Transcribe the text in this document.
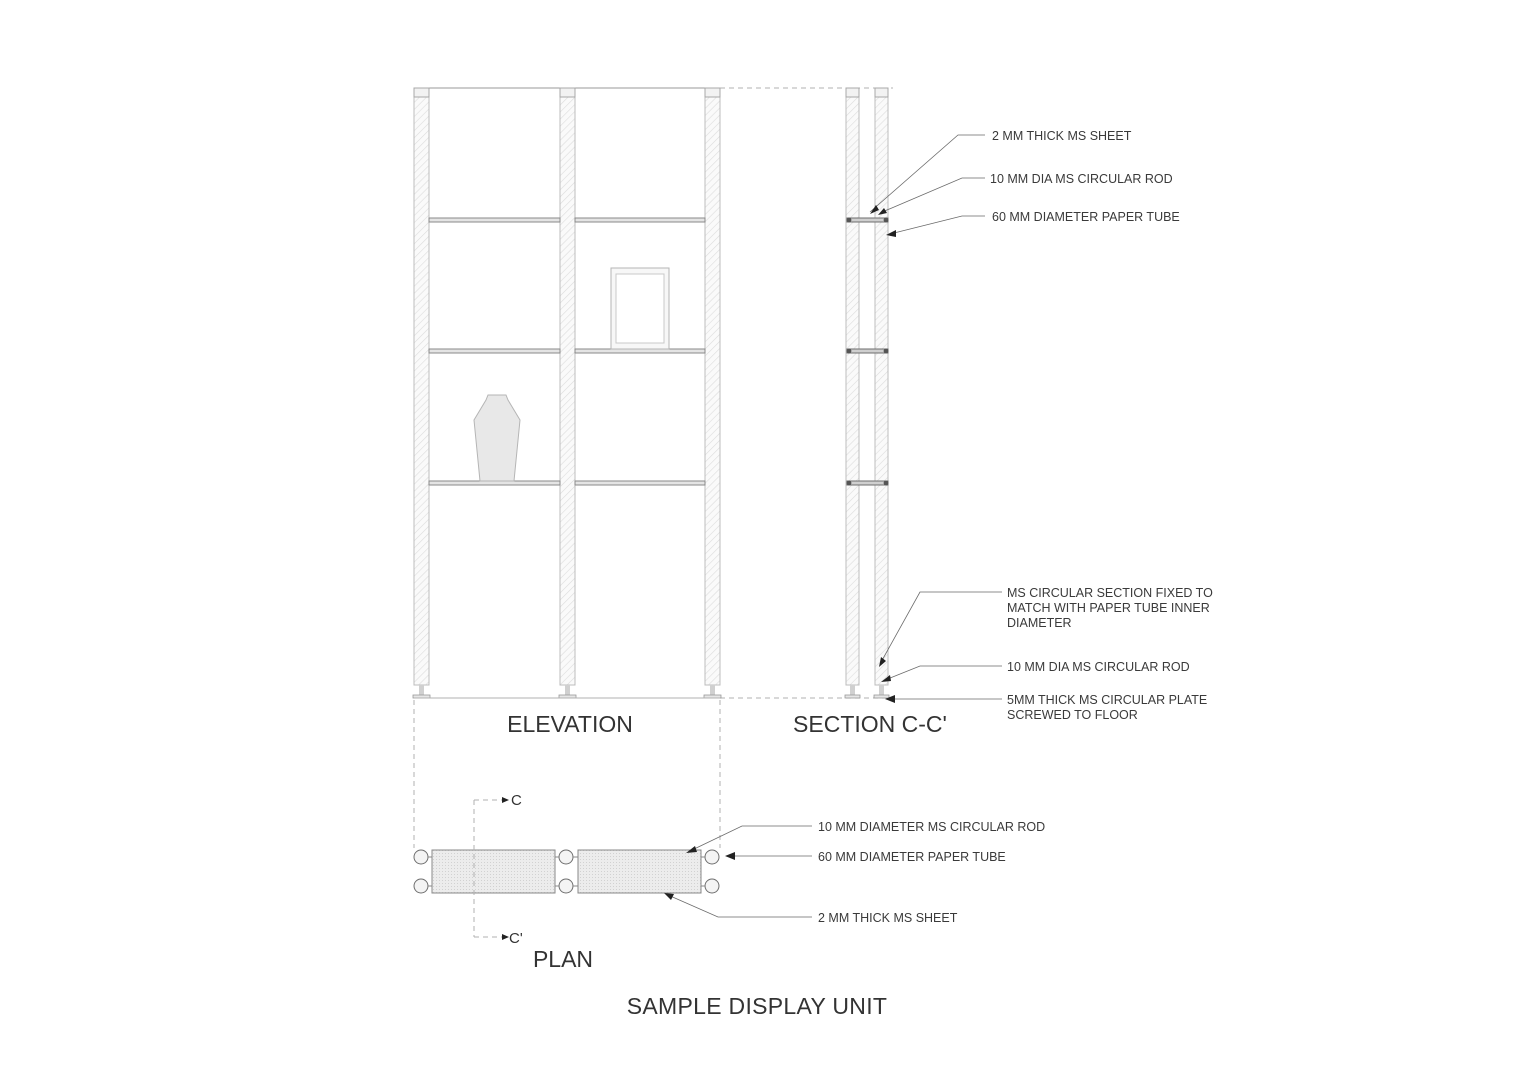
ELEVATION	SECTION C-C'
2 MM THICK MS SHEET
10 MM DIA MS CIRCULAR ROD
60 MM DIAMETER PAPER TUBE
MS CIRCULAR SECTION FIXED TO
MATCH WITH PAPER TUBE INNER
DIAMETER
10 MM DIA MS CIRCULAR ROD
5MM THICK MS CIRCULAR PLATE
SCREWED TO FLOOR
C
C'
PLAN
10 MM DIAMETER MS CIRCULAR ROD
60 MM DIAMETER PAPER TUBE
2 MM THICK MS SHEET
SAMPLE DISPLAY UNIT
